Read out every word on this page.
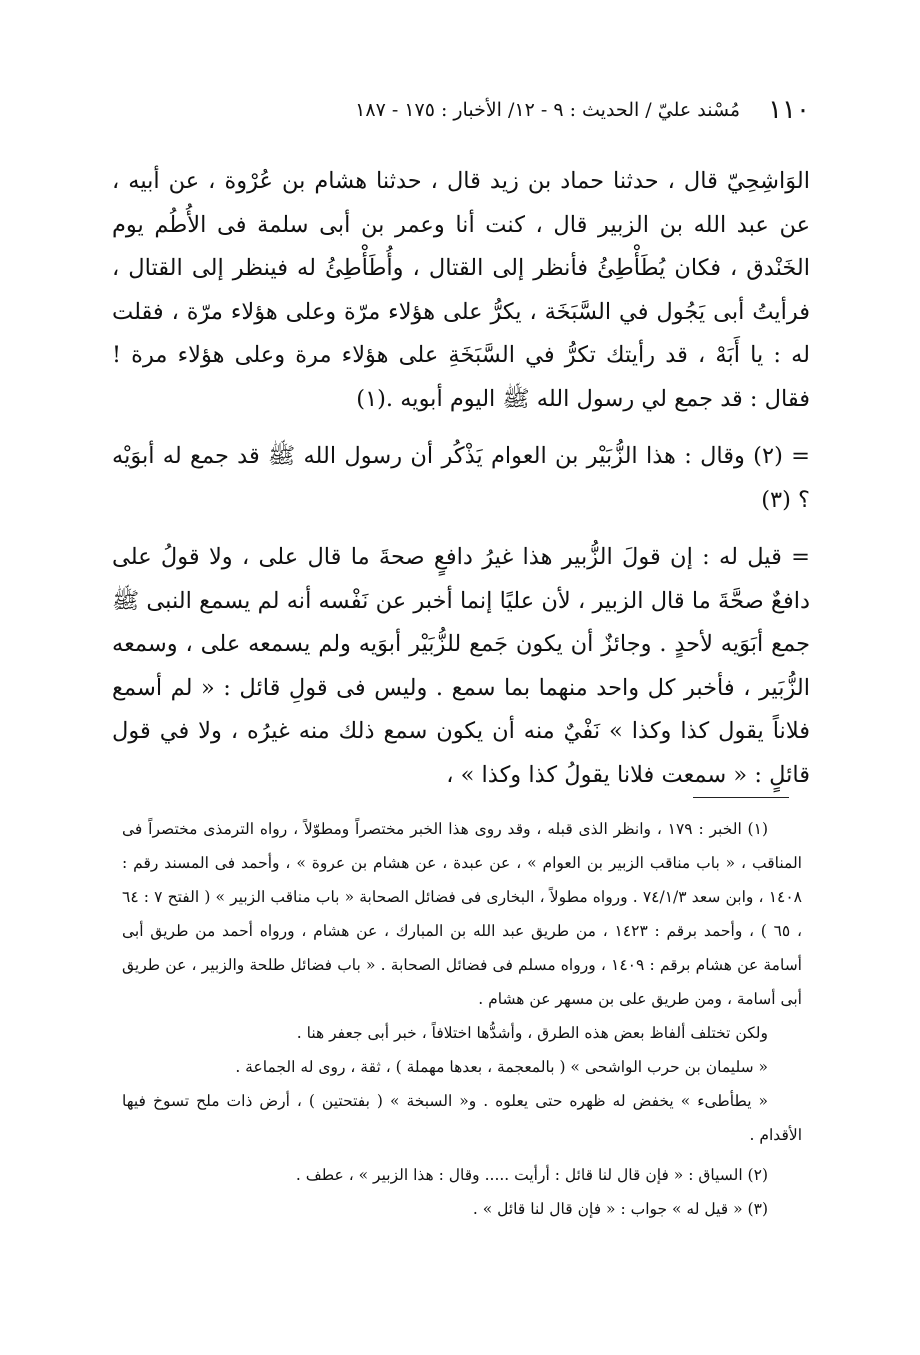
١١٠
مُسْند عليّ / الحديث : ٩ - ١٢/ الأخبار : ١٧٥ - ١٨٧

الوَاشِحِيّ قال ، حدثنا حماد بن زيد قال ، حدثنا هشام بن عُرْوة ، عن أبيه ، عن عبد الله بن الزبير قال ، كنت أنا وعمر بن أبى سلمة فى الأُطُم يوم الخَنْدق ، فكان يُطَأْطِئُ فأنظر إلى القتال ، وأُطَأْطِئُ له فينظر إلى القتال ، فرأيتُ أبى يَجُول في السَّبَخَة ، يكرُّ على هؤلاء مرّة وعلى هؤلاء مرّة ، فقلت له : يا أَبَهْ ، قد رأيتك تكرُّ في السَّبَخَةِ على هؤلاء مرة وعلى هؤلاء مرة ! فقال : قد جمع لي رسول الله ﷺ اليوم أبويه .(١)

= (٢) وقال : هذا الزُّبَيْر بن العوام يَذْكُر أن رسول الله ﷺ قد جمع له أبوَيْه ؟ (٣)

= قيل له : إن قولَ الزُّبير هذا غيرُ دافعٍ صحةَ ما قال على ، ولا قولُ على دافعٌ صحَّةَ ما قال الزبير ، لأن عليًا إنما أخبر عن نَفْسه أنه لم يسمع النبى ﷺ جمع أبَوَيه لأحدٍ . وجائزٌ أن يكون جَمع للزُّبَيْر أبوَيه ولم يسمعه على ، وسمعه الزُّبَير ، فأخبر كل واحد منهما بما سمع . وليس فى قولِ قائل : « لم أسمع فلاناً يقول كذا وكذا » نَفْيٌ منه أن يكون سمع ذلك منه غيرُه ، ولا في قول قائلٍ : « سمعت فلانا يقولُ كذا وكذا » ،

(١) الخبر : ١٧٩ ، وانظر الذى قبله ، وقد روى هذا الخبر مختصراً ومطوّلاً ، رواه الترمذى مختصراً فى المناقب ، « باب مناقب الزبير بن العوام » ، عن عبدة ، عن هشام بن عروة » ، وأحمد فى المسند رقم : ١٤٠٨ ، وابن سعد ٧٤/١/٣ . ورواه مطولاً ، البخارى فى فضائل الصحابة « باب مناقب الزبير » ( الفتح ٧ : ٦٤ ، ٦٥ ) ، وأحمد برقم : ١٤٢٣ ، من طريق عبد الله بن المبارك ، عن هشام ، ورواه أحمد من طريق أبى أسامة عن هشام برقم : ١٤٠٩ ، ورواه مسلم فى فضائل الصحابة . « باب فضائل طلحة والزبير ، عن طريق أبى أسامة ، ومن طريق على بن مسهر عن هشام .

ولكن تختلف ألفاظ بعض هذه الطرق ، وأشدُّها اختلافاً ، خبر أبى جعفر هنا .

« سليمان بن حرب الواشحى » ( بالمعجمة ، بعدها مهملة ) ، ثقة ، روى له الجماعة .

« يطأطىء » يخفض له ظهره حتى يعلوه . و« السبخة » ( بفتحتين ) ، أرض ذات ملح تسوخ فيها الأقدام .

(٢) السياق : « فإن قال لنا قائل : أرأيت ..... وقال : هذا الزبير » ، عطف .

(٣) « قيل له » جواب : « فإن قال لنا قائل » .
